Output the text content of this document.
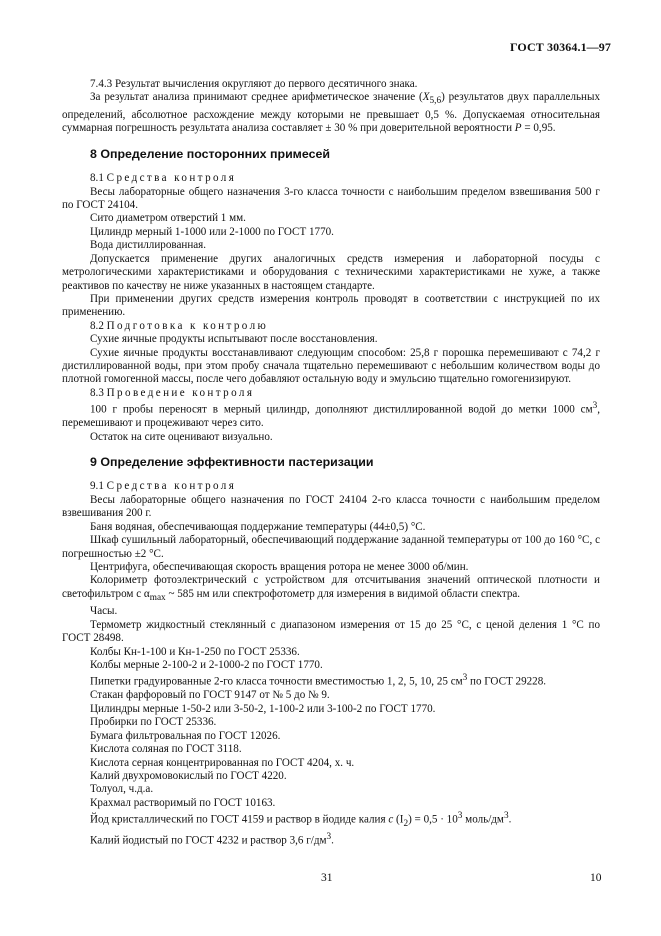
ГОСТ 30364.1—97

7.4.3 Результат вычисления округляют до первого десятичного знака.

За результат анализа принимают среднее арифметическое значение $(X_{5,6})$ результатов двух параллельных определений, абсолютное расхождение между которыми не превышает 0,5 %. Допускаемая относительная суммарная погрешность результата анализа составляет ± 30 % при доверительной вероятности P = 0,95.

8 Определение посторонних примесей

8.1 Средства контроля

Весы лабораторные общего назначения 3-го класса точности с наибольшим пределом взвешивания 500 г по ГОСТ 24104.

Сито диаметром отверстий 1 мм.

Цилиндр мерный 1-1000 или 2-1000 по ГОСТ 1770.

Вода дистиллированная.

Допускается применение других аналогичных средств измерения и лабораторной посуды с метрологическими характеристиками и оборудования с техническими характеристиками не хуже, а также реактивов по качеству не ниже указанных в настоящем стандарте.

При применении других средств измерения контроль проводят в соответствии с инструкцией по их применению.

8.2 Подготовка к контролю

Сухие яичные продукты испытывают после восстановления.

Сухие яичные продукты восстанавливают следующим способом: 25,8 г порошка перемешивают с 74,2 г дистиллированной воды, при этом пробу сначала тщательно перемешивают с небольшим количеством воды до плотной гомогенной массы, после чего добавляют остальную воду и эмульсию тщательно гомогенизируют.

8.3 Проведение контроля

100 г пробы переносят в мерный цилиндр, дополняют дистиллированной водой до метки 1000 $см^3$, перемешивают и процеживают через сито.

Остаток на сите оценивают визуально.

9 Определение эффективности пастеризации

9.1 Средства контроля

Весы лабораторные общего назначения по ГОСТ 24104 2-го класса точности с наибольшим пределом взвешивания 200 г.

Баня водяная, обеспечивающая поддержание температуры (44±0,5) °С.

Шкаф сушильный лабораторный, обеспечивающий поддержание заданной температуры от 100 до 160 °С, с погрешностью ±2 °С.

Центрифуга, обеспечивающая скорость вращения ротора не менее 3000 об/мин.

Колориметр фотоэлектрический с устройством для отсчитывания значений оптической плотности и светофильтром с $\alpha_{max}$ ~ 585 нм или спектрофотометр для измерения в видимой области спектра.

Часы.

Термометр жидкостный стеклянный с диапазоном измерения от 15 до 25 °С, с ценой деления 1 °С по ГОСТ 28498.

Колбы Кн-1-100 и Кн-1-250 по ГОСТ 25336.

Колбы мерные 2-100-2 и 2-1000-2 по ГОСТ 1770.

Пипетки градуированные 2-го класса точности вместимостью 1, 2, 5, 10, 25 $см^3$ по ГОСТ 29228.

Стакан фарфоровый по ГОСТ 9147 от № 5 до № 9.

Цилиндры мерные 1-50-2 или 3-50-2, 1-100-2 или 3-100-2 по ГОСТ 1770.

Пробирки по ГОСТ 25336.

Бумага фильтровальная по ГОСТ 12026.

Кислота соляная по ГОСТ 3118.

Кислота серная концентрированная по ГОСТ 4204, х. ч.

Калий двухромовокислый по ГОСТ 4220.

Толуол, ч.д.а.

Крахмал растворимый по ГОСТ 10163.

Йод кристаллический по ГОСТ 4159 и раствор в йодиде калия c $(I_2) = 0,5 \cdot 10^3$ моль/$дм^3$.

Калий йодистый по ГОСТ 4232 и раствор 3,6 $г/дм^3$.

31	10
